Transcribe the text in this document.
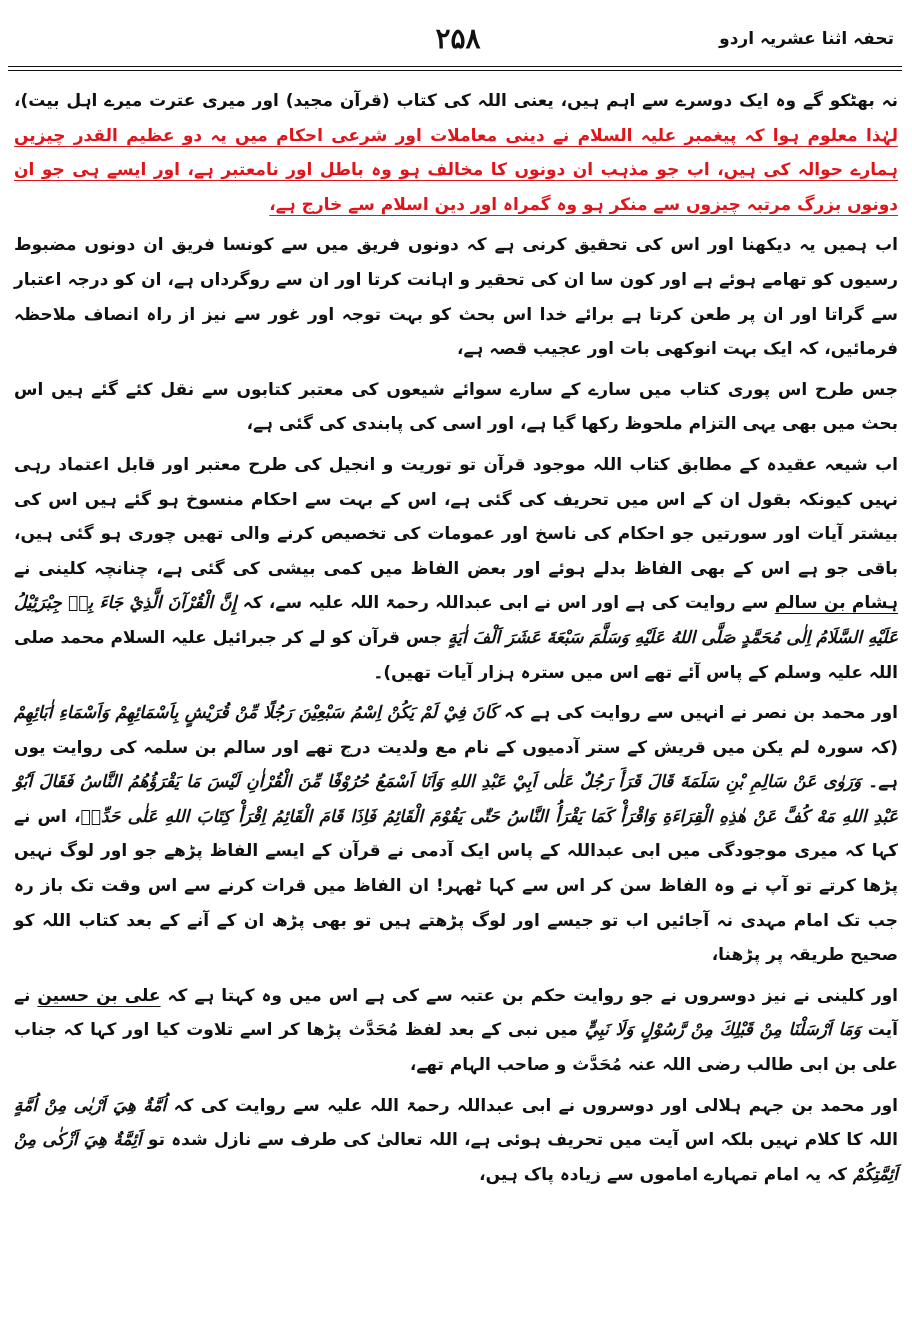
۲۵۸	تحفہ اثنا عشریہ اردو

نہ بھٹکو گے وہ ایک دوسرے سے اہم ہیں، یعنی اللہ کی کتاب (قرآن مجید) اور میری عترت میرے اہل بیت)، لہٰذا معلوم ہوا کہ پیغمبر علیہ السلام نے دینی معاملات اور شرعی احکام میں یہ دو عظیم القدر چیزیں ہمارے حوالہ کی ہیں، اب جو مذہب ان دونوں کا مخالف ہو وہ باطل اور نامعتبر ہے، اور ایسے ہی جو ان دونوں بزرگ مرتبہ چیزوں سے منکر ہو وہ گمراہ اور دین اسلام سے خارج ہے،

اب ہمیں یہ دیکھنا اور اس کی تحقیق کرنی ہے کہ دونوں فریق میں سے کونسا فریق ان دونوں مضبوط رسیوں کو تھامے ہوئے ہے اور کون سا ان کی تحقیر و اہانت کرتا اور ان سے روگرداں ہے، ان کو درجہ اعتبار سے گراتا اور ان پر طعن کرتا ہے برائے خدا اس بحث کو بہت توجہ اور غور سے نیز از راہ انصاف ملاحظہ فرمائیں، کہ ایک بہت انوکھی بات اور عجیب قصہ ہے،

جس طرح اس پوری کتاب میں سارے کے سارے سوائے شیعوں کی معتبر کتابوں سے نقل کئے گئے ہیں اس بحث میں بھی یہی التزام ملحوظ رکھا گیا ہے، اور اسی کی پابندی کی گئی ہے،

اب شیعہ عقیدہ کے مطابق کتاب اللہ موجود قرآن تو توریت و انجیل کی طرح معتبر اور قابل اعتماد رہی نہیں کیونکہ بقول ان کے اس میں تحریف کی گئی ہے، اس کے بہت سے احکام منسوخ ہو گئے ہیں اس کی بیشتر آیات اور سورتیں جو احکام کی ناسخ اور عمومات کی تخصیص کرنے والی تھیں چوری ہو گئی ہیں، باقی جو ہے اس کے بھی الفاظ بدلے ہوئے اور بعض الفاظ میں کمی بیشی کی گئی ہے، چنانچہ کلینی نے ہشام بن سالم سے روایت کی ہے اور اس نے ابی عبداللہ رحمۃ اللہ علیہ سے، کہ إِنَّ الْقُرْآنَ الَّذِيْ جَاءَ بِهٖ جِبْرَئِيْلُ عَلَيْهِ السَّلَامُ اِلٰى مُحَمَّدٍ صَلَّى اللهُ عَلَيْهِ وَسَلَّمَ سَبْعَةَ عَشَرَ اَلْفَ اٰيَةٍ جس قرآن کو لے کر جبرائیل علیہ السلام محمد صلی اللہ علیہ وسلم کے پاس آئے تھے اس میں سترہ ہزار آیات تھیں)۔

اور محمد بن نصر نے انہیں سے روایت کی ہے کہ كَانَ فِيْ لَمْ يَكُنْ اِسْمُ سَبْعِيْنَ رَجُلًا مِّنْ قُرَيْشٍ بِاَسْمَائِهِمْ وَاَسْمَاءِ اٰبَائِهِمْ (کہ سورہ لم یکن میں قریش کے ستر آدمیوں کے نام مع ولدیت درج تھے اور سالم بن سلمہ کی روایت یوں ہے۔ وَرَوٰى عَنْ سَالِمِ بْنِ سَلَمَةَ قَالَ قَرَأَ رَجُلٌ عَلٰى اَبِيْ عَبْدِ اللهِ وَاَنَا اَسْمَعُ حُرُوْفًا مِّنَ الْقُرْاٰنِ لَيْسَ مَا يَقْرَؤُهُمُ النَّاسُ فَقَالَ اَبُوْ عَبْدِ اللهِ مَهْ كُفَّ عَنْ هٰذِهِ الْقِرَاءَةِ وَاقْرَأْ كَمَا يَقْرَأُ النَّاسُ حَتّٰى يَقُوْمَ الْقَائِمُ فَاِذَا قَامَ الْقَائِمُ اِقْرَأْ كِتَابَ اللهِ عَلٰى حَدِّهٖ، اس نے کہا کہ میری موجودگی میں ابی عبداللہ کے پاس ایک آدمی نے قرآن کے ایسے الفاظ پڑھے جو اور لوگ نہیں پڑھا کرتے تو آپ نے وہ الفاظ سن کر اس سے کہا ٹھہر! ان الفاظ میں قرات کرنے سے اس وقت تک باز رہ جب تک امام مہدی نہ آجائیں اب تو جیسے اور لوگ پڑھتے ہیں تو بھی پڑھ ان کے آنے کے بعد کتاب اللہ کو صحیح طریقہ پر پڑھنا،

اور کلینی نے نیز دوسروں نے جو روایت حکم بن عتبہ سے کی ہے اس میں وہ کہتا ہے کہ علی بن حسین نے آیت وَمَا اَرْسَلْنَا مِنْ قَبْلِكَ مِنْ رَّسُوْلٍ وَلَا نَبِيٍّ میں نبی کے بعد لفظ مُحَدَّث پڑھا کر اسے تلاوت کیا اور کہا کہ جناب علی بن ابی طالب رضی اللہ عنہ مُحَدَّث و صاحب الہام تھے،

اور محمد بن جہم ہلالی اور دوسروں نے ابی عبداللہ رحمۃ اللہ علیہ سے روایت کی کہ اُمَّةٌ هِيَ اَرْبٰى مِنْ اُمَّةٍ اللہ کا کلام نہیں بلکہ اس آیت میں تحریف ہوئی ہے، اللہ تعالیٰ کی طرف سے نازل شدہ تو اَئِمَّةٌ هِيَ اَزْكٰى مِنْ اَئِمَّتِكُمْ کہ یہ امام تمہارے اماموں سے زیادہ پاک ہیں،
